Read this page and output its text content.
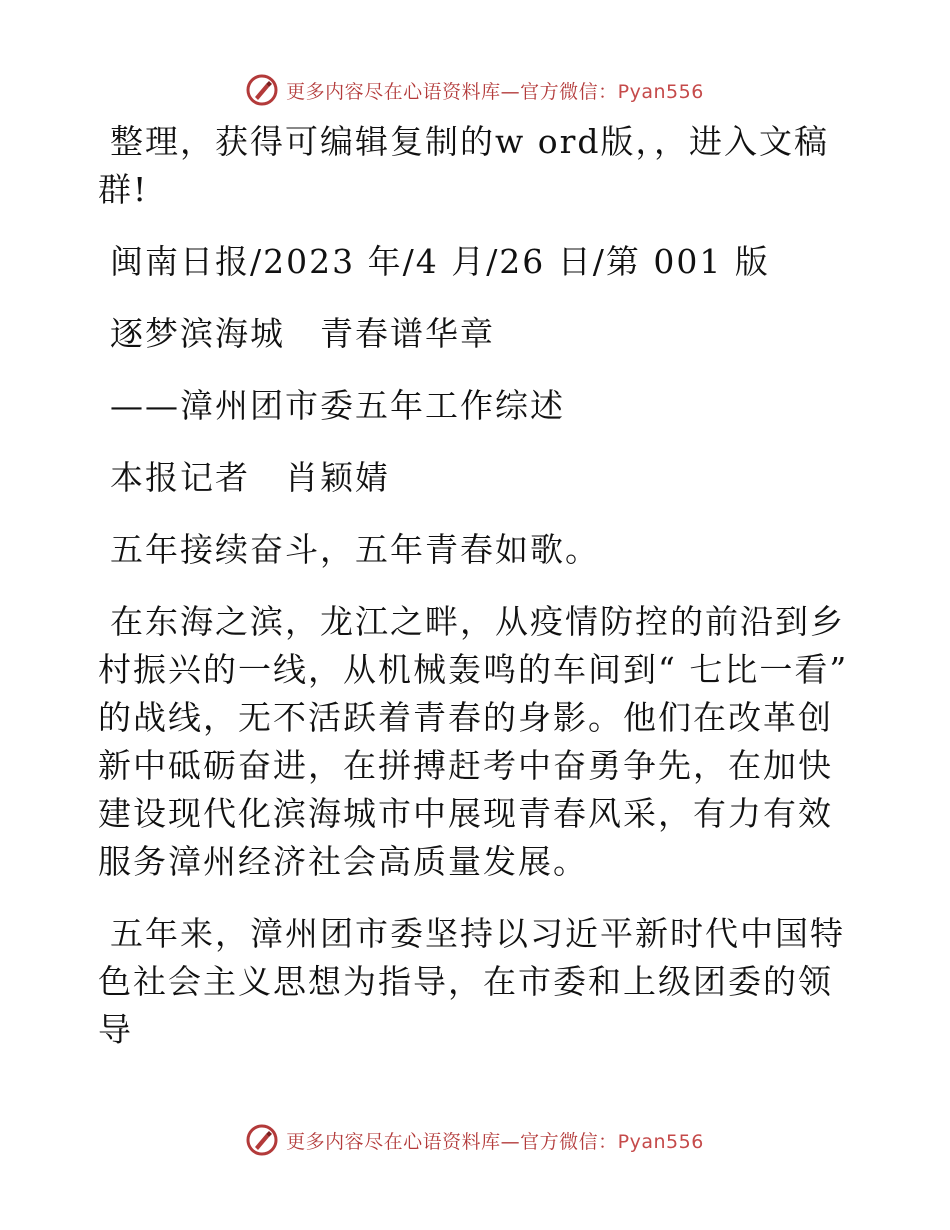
更多内容尽在心语资料库—官方微信：Pyan556

整理，获得可编辑复制的w ord版，，进入文稿群!

闽南日报/2023 年/4 月/26 日/第 001 版

逐梦滨海城　青春谱华章

——漳州团市委五年工作综述

本报记者　肖颖婧

五年接续奋斗，五年青春如歌。

在东海之滨，龙江之畔，从疫情防控的前沿到乡村振兴的一线，从机械轰鸣的车间到“ 七比一看” 的战线，无不活跃着青春的身影。他们在改革创新中砥砺奋进，在拼搏赶考中奋勇争先，在加快建设现代化滨海城市中展现青春风采，有力有效服务漳州经济社会高质量发展。

五年来，漳州团市委坚持以习近平新时代中国特色社会主义思想为指导，在市委和上级团委的领导

更多内容尽在心语资料库—官方微信：Pyan556
